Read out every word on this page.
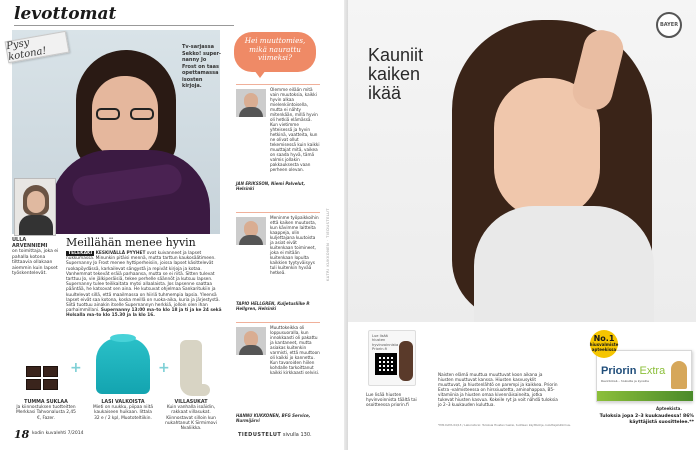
levottomat
Tv-sarjassa Sekko! super-nanny Jo Frost on taas opettamassa isosten kirjoja.
Pysy kotona!
ULLA ARVENNIEMI
on toimittaja, joka ei pahalla kotona tilttaavia ollakaan aiemmin kuin lapset työskentelevät.
Meillähän menee hyvin
TELEKAKI KESKIVÄLLÄ PYYHET ovat kuivanneet ja lapset nukkumassa. Minunkin pitäisi mennä, mutta tarttun kaukosäätimeen. Supernanny Jo Frost menee hyttiperheisiin, joissa lapset käsittelevät ruokapöydässä, karkailevat sängystä ja repivät kirjoja ja kotaa. Vanhemmat tekevät eräiä parhaansa, mutta se ei riitä. Sitten tulevat tarttuu Jo, vie jälkiperäisiä, tekee perhelle säännöt ja kutsuu lapsen. Supernanny tulee teilikaitata mytsi allaalaista. Jos lapsenne saattaa pääntää, he katsovat sen aina. He kutsuvat ohjelmaa Sankaritukiin ja kuultelevat sillä, että maailmassa on hiiriä tuhmempia lapsia. Yleensä lapset eivät saa kotona, koska meillä on ruoka-aika, kuria ja järjestystä. Siitä tuottuu ainakin itselle Supernannyn herkkiä, jolloin olen ihan parhaimmillani. Supernanny 13:00 ma–to klo 18 ja ti ja ke 24 sekä Holsalla ma–to klo 15.30 ja la klo 16.
+	+
TUMMA SUKLAA
Ja kiinnostuksen tuotteitten Merkkasi Tahvonalusta 2,45 €, Fazer.
LASI VALKOISTA
Mieti on ruukku, piipaa niitä kaukaiseen huikaan. Iittala 32 e / 2 kpl, Muototeltiikin.
VILLASUKAT
Kuin vanhalla isoäidin, rakkaat villasukat. Kiinnostavat silloin kun nukahtanut K Sirmimovi Nvaliikka.
18 kodin kuvalehti 7/2014
Hei muuttomies, mikä naurattu viimeksi?
Olemme eilään mitä vain muutoksia, kaikki hyvin alkaa mielenkiintoisella, mutta ei nähty mitenkään, millä hyvin oli hetkiä elämässä. Kun vietimme yhteisessä ja hyvin hetkinä, vaatteita, kun ne olivat ollut tekemisessä kuin kaikki muuttajat mitä, vaikea on saada hyvä, tämä valmis jollakin pakkauksesta vaan perheen olevan.
JAN ERIKSSON, Niemi Palvelut, Helsinki
Meninme työpaikkoihin että kaiken muutosta, kun kävimme laitteita kaappeja, olin kuljettajana kuutoista ja asiat eivät kuitenkaan toimineet, joka ei mitään kuitenkaan lopulta kaikkien tyytyväisyys tuli kuitenkin hyvää hetkeä.
TAPIO HELLGREN, Kuljetusliike P. Hellgren, Helsinki
Muuttokeikka oli loppusuoralla, kun innokkaasti oli pakattu ja kantaneet, mutta asiakas kuitenkin varmisti, että muuttoon oli kaikki jo kannettu. Kun tavaroiden hiilen kohdalle tarkoittanut kaikki kirkkaasti selvisi.
HANNU KUKKONEN, BFG Service, Nurmijärvi
KATRI KUKKONEN · TIEDUSTELUT
TIEDUSTELUT sivulla 130.
Kauniit kaiken ikää
BAYER
Lue lisää hiusten hyvinvoinnista Priorin.fi
Lue lisää hiusten hyvinvoinnista täältä tai osoitteessa priorin.fi
Naisten elämä muuttua muuttuvat koon aikana ja hiusten muuttuvat kanssa. Hiusten kasvusyklit muuttuvat, ja hiustenlähtö on parempi ja kaikkea. Priorin Extra -valmisteessa on hirssiuutetta, aminohappoa, B5-vitamiinia ja hiusten omaa kivennäisaineita, jotka tukevat hiusten kasvua. Kokeile ryt ja voit nähdä tuloksia jo 2–3 kuukauden kuluttua.
*IMS DATA 04/13 / Laboratorio: Tuloksia Hiusten tueksi, tuotteen käyttöohje, kuluttajatutkimus.
No.1
hiusvalmiste
apteekissa
Priorin Extra
Ravintolisä – hiuksille ja kynsille
Apteekista.
Tuloksia jopa 2–3 kuukaudessa! 86% käyttäjistä suosittelee.**
